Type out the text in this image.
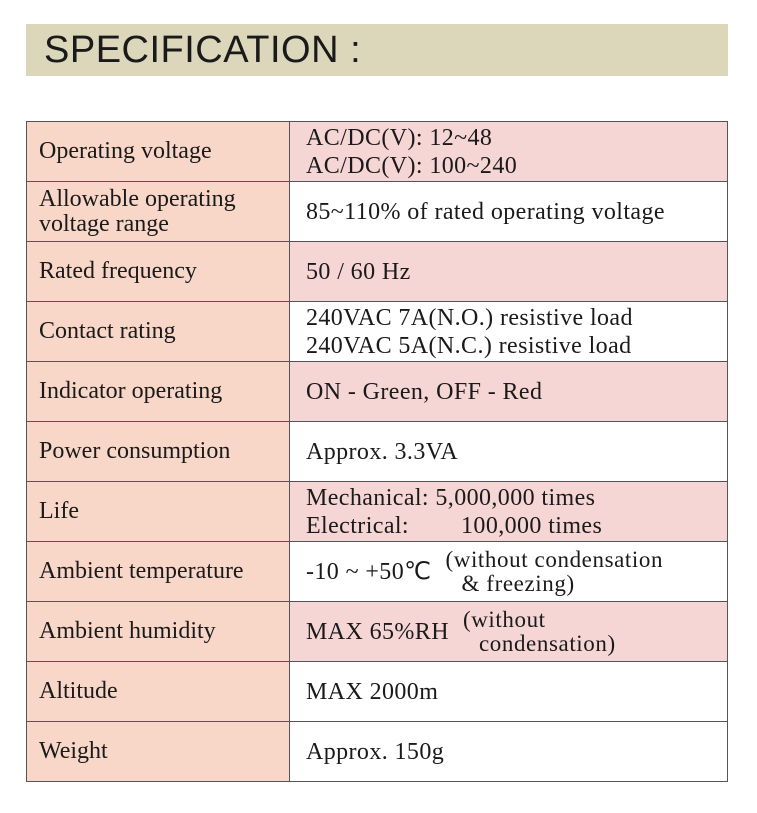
SPECIFICATION :
Operating voltage	AC/DC(V): 12~48
AC/DC(V): 100~240

Allowable operating
voltage range	85~110% of rated operating voltage
Rated frequency	50 / 60 Hz
Contact rating	240VAC 7A(N.O.) resistive load
240VAC 5A(N.C.) resistive load

Indicator operating	ON - Green, OFF - Red
Power consumption	Approx. 3.3VA
Life	Mechanical: 5,000,000 times
Electrical: 100,000 times

Ambient temperature	-10 ~ +50℃ (without condensation
& freezing)

Ambient humidity	MAX 65%RH (without
condensation)

Altitude	MAX 2000m
Weight	Approx. 150g
